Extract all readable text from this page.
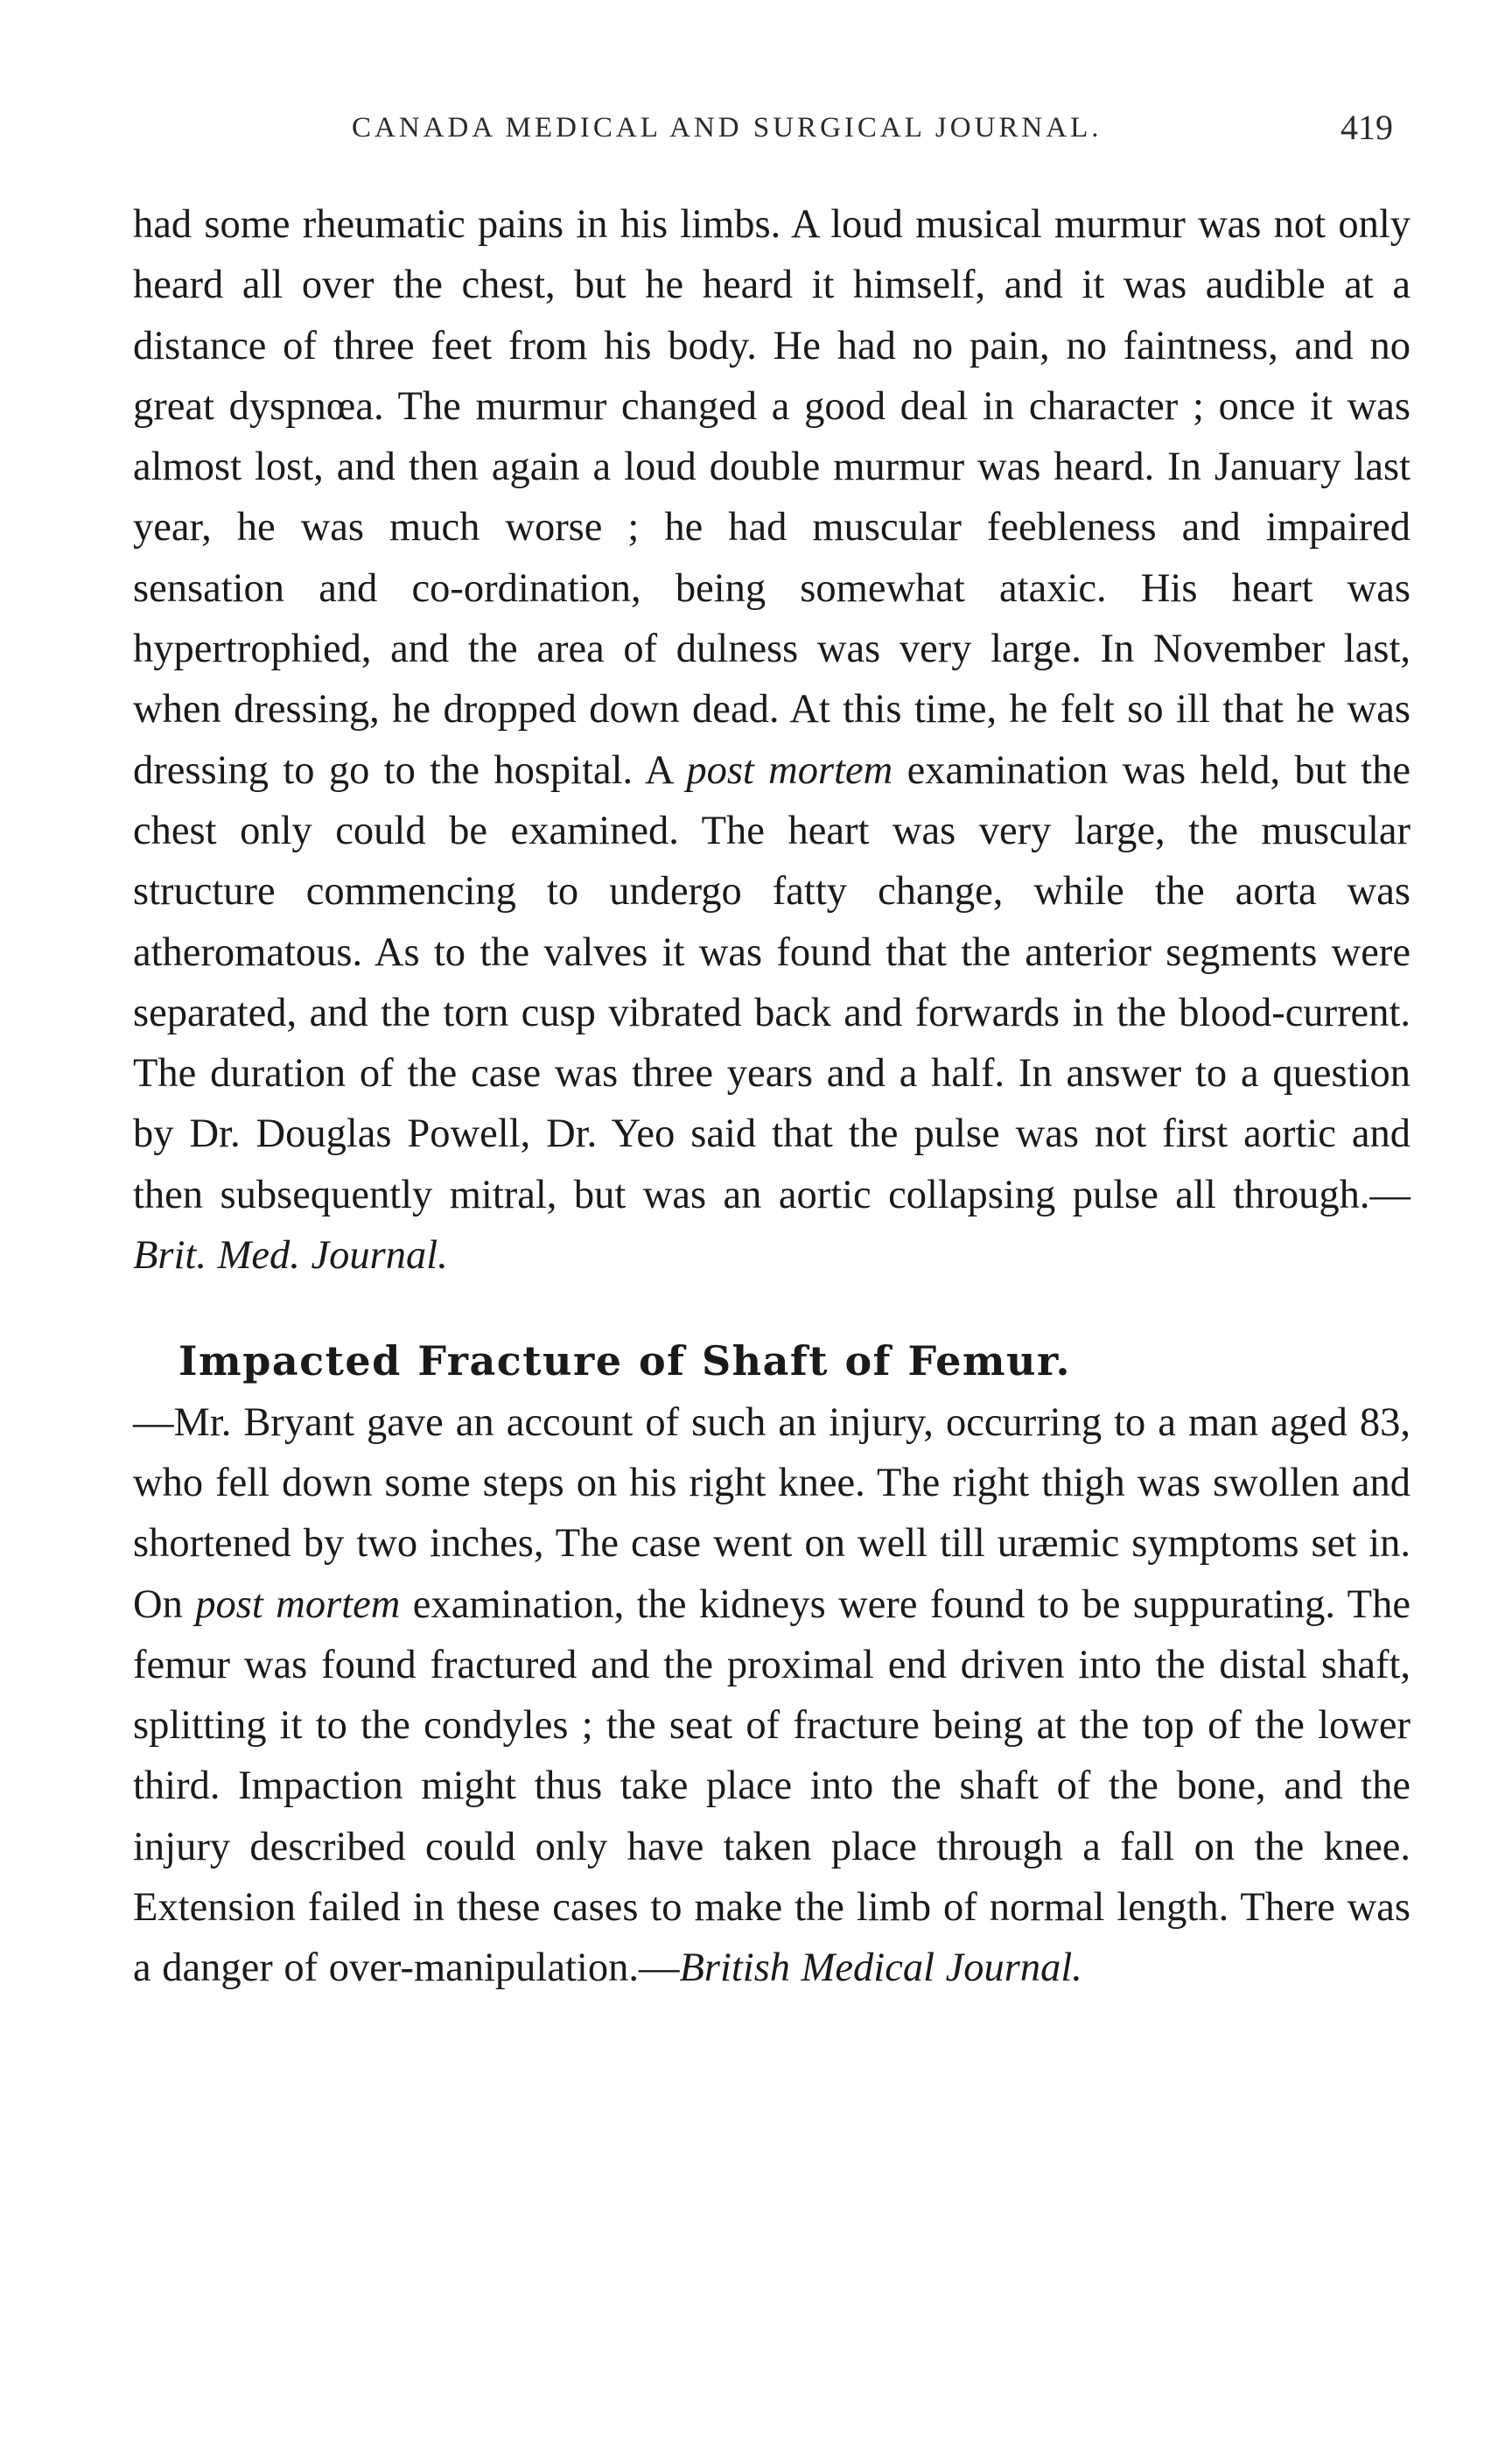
CANADA MEDICAL AND SURGICAL JOURNAL.	419

had some rheumatic pains in his limbs. A loud musical murmur was not only heard all over the chest, but he heard it himself, and it was audible at a distance of three feet from his body. He had no pain, no faintness, and no great dyspnœa. The murmur changed a good deal in character ; once it was almost lost, and then again a loud double murmur was heard. In January last year, he was much worse ; he had muscular feebleness and impaired sensation and co-ordination, being somewhat ataxic. His heart was hypertrophied, and the area of dulness was very large. In November last, when dressing, he dropped down dead. At this time, he felt so ill that he was dressing to go to the hospital. A post mortem examination was held, but the chest only could be examined. The heart was very large, the muscular structure commencing to undergo fatty change, while the aorta was atheromatous. As to the valves it was found that the anterior segments were separated, and the torn cusp vibrated back and forwards in the blood-current. The duration of the case was three years and a half. In answer to a question by Dr. Douglas Powell, Dr. Yeo said that the pulse was not first aortic and then subsequently mitral, but was an aortic collapsing pulse all through.—Brit. Med. Journal.

Impacted Fracture of Shaft of Femur.
—Mr. Bryant gave an account of such an injury, occurring to a man aged 83, who fell down some steps on his right knee. The right thigh was swollen and shortened by two inches, The case went on well till uræmic symptoms set in. On post mortem examination, the kidneys were found to be suppurating. The femur was found fractured and the proximal end driven into the distal shaft, splitting it to the condyles ; the seat of fracture being at the top of the lower third. Impaction might thus take place into the shaft of the bone, and the injury described could only have taken place through a fall on the knee. Extension failed in these cases to make the limb of normal length. There was a danger of over-manipulation.—British Medical Journal.
